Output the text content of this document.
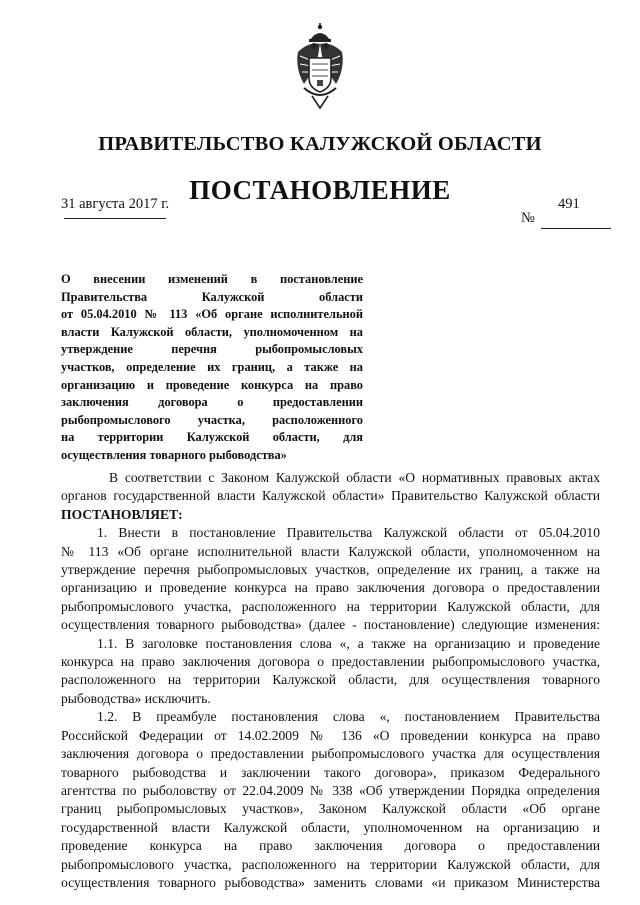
ПРАВИТЕЛЬСТВО КАЛУЖСКОЙ ОБЛАСТИ
ПОСТАНОВЛЕНИЕ
31 августа 2017 г.	491
№
О внесении изменений в постановление
Правительства Калужской области
от 05.04.2010 № 113 «Об органе исполнительной
власти Калужской области, уполномоченном на
утверждение перечня рыбопромысловых
участков, определение их границ, а также на
организацию и проведение конкурса на право
заключения договора о предоставлении
рыбопромыслового участка, расположенного
на территории Калужской области, для
осуществления товарного рыбоводства»
В соответствии с Законом Калужской области «О нормативных правовых актах
органов государственной власти Калужской области» Правительство Калужской области
ПОСТАНОВЛЯЕТ:
1. Внести в постановление Правительства Калужской области от 05.04.2010
№ 113 «Об органе исполнительной власти Калужской области, уполномоченном на
утверждение перечня рыбопромысловых участков, определение их границ, а также на
организацию и проведение конкурса на право заключения договора о предоставлении
рыбопромыслового участка, расположенного на территории Калужской области, для
осуществления товарного рыбоводства» (далее - постановление) следующие изменения:
1.1. В заголовке постановления слова «, а также на организацию и проведение
конкурса на право заключения договора о предоставлении рыбопромыслового участка,
расположенного на территории Калужской области, для осуществления товарного
рыбоводства» исключить.
1.2. В преамбуле постановления слова «, постановлением Правительства
Российской Федерации от 14.02.2009 № 136 «О проведении конкурса на право
заключения договора о предоставлении рыбопромыслового участка для осуществления
товарного рыбоводства и заключении такого договора», приказом Федерального
агентства по рыболовству от 22.04.2009 № 338 «Об утверждении Порядка определения
границ рыбопромысловых участков», Законом Калужской области «Об органе
государственной власти Калужской области, уполномоченном на организацию и
проведение конкурса на право заключения договора о предоставлении
рыбопромыслового участка, расположенного на территории Калужской области, для
осуществления товарного рыбоводства» заменить словами «и приказом Министерства
